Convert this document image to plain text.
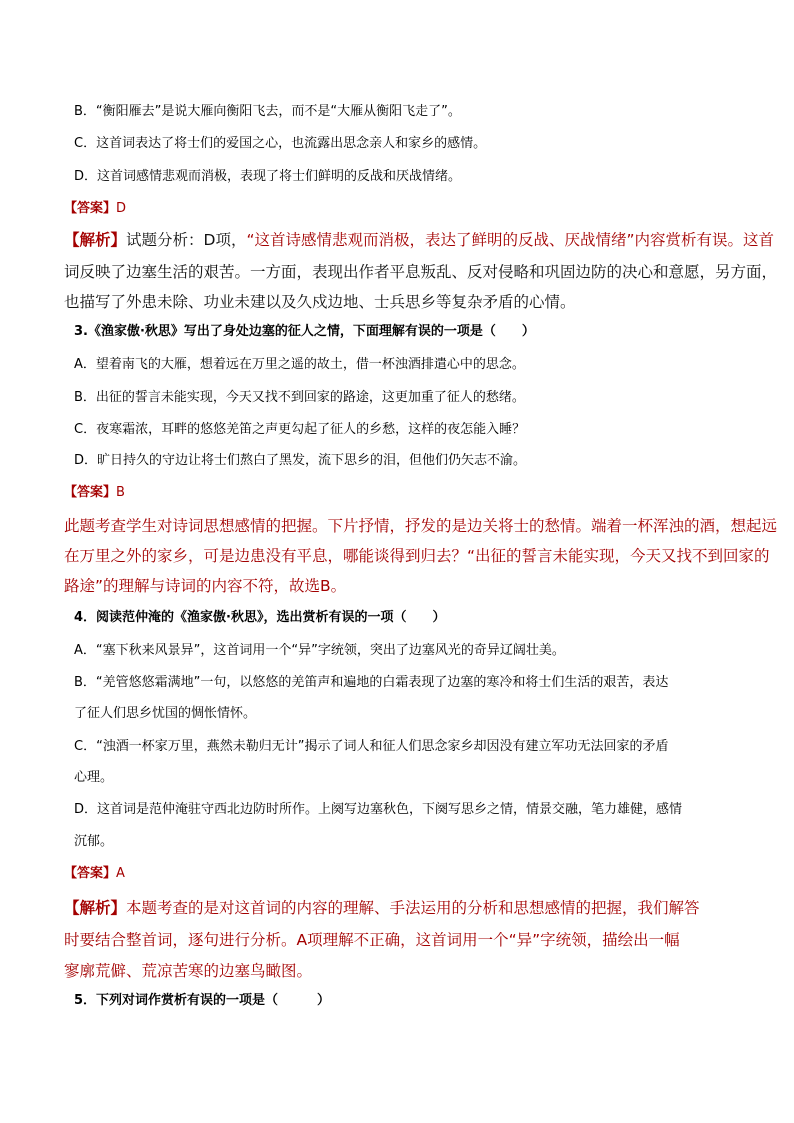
B．“衡阳雁去”是说大雁向衡阳飞去，而不是“大雁从衡阳飞走了”。
C．这首词表达了将士们的爱国之心，也流露出思念亲人和家乡的感情。
D．这首词感情悲观而消极，表现了将士们鲜明的反战和厌战情绪。
【答案】D
【解析】试题分析：D项，“这首诗感情悲观而消极，表达了鲜明的反战、厌战情绪”内容赏析有误。这首
词反映了边塞生活的艰苦。一方面，表现出作者平息叛乱、反对侵略和巩固边防的决心和意愿，另方面，
也描写了外患未除、功业未建以及久戍边地、士兵思乡等复杂矛盾的心情。
3.《渔家傲·秋思》写出了身处边塞的征人之情，下面理解有误的一项是（　　）
A．望着南飞的大雁，想着远在万里之遥的故土，借一杯浊酒排遣心中的思念。
B．出征的誓言未能实现，今天又找不到回家的路途，这更加重了征人的愁绪。
C．夜寒霜浓，耳畔的悠悠羌笛之声更勾起了征人的乡愁，这样的夜怎能入睡？
D．旷日持久的守边让将士们熬白了黑发，流下思乡的泪，但他们仍矢志不渝。
【答案】B
此题考查学生对诗词思想感情的把握。下片抒情，抒发的是边关将士的愁情。端着一杯浑浊的酒，想起远
在万里之外的家乡，可是边患没有平息，哪能谈得到归去？“出征的誓言未能实现，今天又找不到回家的
路途”的理解与诗词的内容不符，故选B。
4．阅读范仲淹的《渔家傲·秋思》，选出赏析有误的一项（　　）
A．“塞下秋来风景异”，这首词用一个“异”字统领，突出了边塞风光的奇异辽阔壮美。
B．“羌管悠悠霜满地”一句，以悠悠的羌笛声和遍地的白霜表现了边塞的寒冷和将士们生活的艰苦，表达
了征人们思乡忧国的惆怅情怀。
C．“浊酒一杯家万里，燕然未勒归无计”揭示了词人和征人们思念家乡却因没有建立军功无法回家的矛盾
心理。
D．这首词是范仲淹驻守西北边防时所作。上阕写边塞秋色，下阕写思乡之情，情景交融，笔力雄健，感情
沉郁。
【答案】A
【解析】本题考查的是对这首词的内容的理解、手法运用的分析和思想感情的把握，我们解答
时要结合整首词，逐句进行分析。A项理解不正确，这首词用一个“异”字统领，描绘出一幅
寥廓荒僻、荒凉苦寒的边塞鸟瞰图。
5．下列对词作赏析有误的一项是（　　　）
